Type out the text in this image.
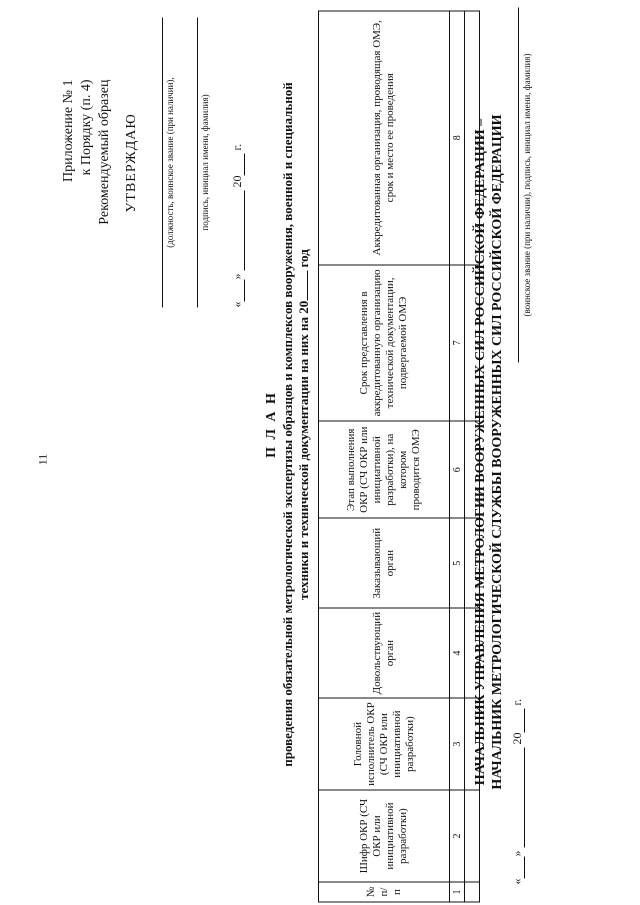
11
Приложение № 1 к Порядку (п. 4) Рекомендуемый образец УТВЕРЖДАЮ	(должность, воинское звание (при наличии),	подпись, инициал имени, фамилия)
«»  20 г.
П Л А Н проведения обязательной метрологической экспертизы образцов и комплексов вооружения, военной и специальной техники и технической документации на них на 20 год
№ п/п	Шифр ОКР (СЧ ОКР или инициативной разработки)	Головной исполнитель ОКР (СЧ ОКР или инициативной разработки)	Довольствующий орган	Заказывающий орган	Этап выполнения ОКР (СЧ ОКР или инициативной разработки), на котором проводится ОМЭ	Срок представления в аккредитованную организацию технической документации, подвергаемой ОМЭ	Аккредитованная организация, проводящая ОМЭ, срок и место ее проведения
1	2	3	4	5	6	7	8
							НАЧАЛЬНИК УПРАВЛЕНИЯ МЕТРОЛОГИИ ВООРУЖЕННЫХ СИЛ РОССИЙСКОЙ ФЕДЕРАЦИИ – НАЧАЛЬНИК МЕТРОЛОГИЧЕСКОЙ СЛУЖБЫ ВООРУЖЕННЫХ СИЛ РОССИЙСКОЙ ФЕДЕРАЦИИ (воинское звание (при наличии), подпись, инициал имени, фамилия)
«»  20 г.
